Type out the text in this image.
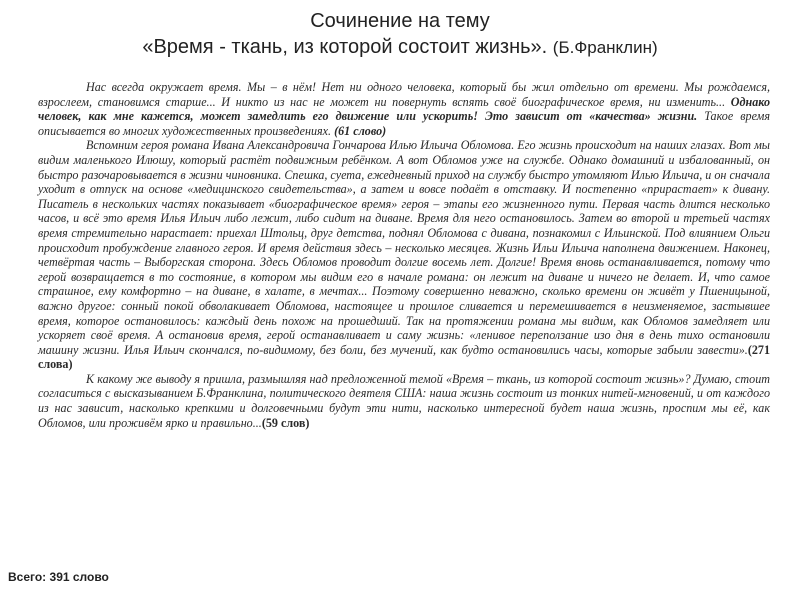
Сочинение на тему
«Время - ткань, из которой состоит жизнь». (Б.Франклин)

Нас всегда окружает время. Мы – в нём! Нет ни одного человека, который бы жил отдельно от времени. Мы рождаемся, взрослеем, становимся старше... И никто из нас не может ни повернуть вспять своё биографическое время, ни изменить... Однако человек, как мне кажется, может замедлить его движение или ускорить! Это зависит от «качества» жизни. Такое время описывается во многих художественных произведениях. (61 слово)

Вспомним героя романа Ивана Александровича Гончарова Илью Ильича Обломова. Его жизнь происходит на наших глазах. Вот мы видим маленького Илюшу, который растёт подвижным ребёнком. А вот Обломов уже на службе. Однако домашний и избалованный, он быстро разочаровывается в жизни чиновника. Спешка, суета, ежедневный приход на службу быстро утомляют Илью Ильича, и он сначала уходит в отпуск на основе «медицинского свидетельства», а затем и вовсе подаёт в отставку. И постепенно «прирастает» к дивану. Писатель в нескольких частях показывает «биографическое время» героя – этапы его жизненного пути. Первая часть длится несколько часов, и всё это время Илья Ильич либо лежит, либо сидит на диване. Время для него остановилось. Затем во второй и третьей частях время стремительно нарастает: приехал Штольц, друг детства, поднял Обломова с дивана, познакомил с Ильинской. Под влиянием Ольги происходит пробуждение главного героя. И время действия здесь – несколько месяцев. Жизнь Ильи Ильича наполнена движением. Наконец, четвёртая часть – Выборгская сторона. Здесь Обломов проводит долгие восемь лет. Долгие! Время вновь останавливается, потому что герой возвращается в то состояние, в котором мы видим его в начале романа: он лежит на диване и ничего не делает. И, что самое страшное, ему комфортно – на диване, в халате, в мечтах... Поэтому совершенно неважно, сколько времени он живёт у Пшеницыной, важно другое: сонный покой обволакивает Обломова, настоящее и прошлое сливается и перемешивается в неизменяемое, застывшее время, которое остановилось: каждый день похож на прошедший. Так на протяжении романа мы видим, как Обломов замедляет или ускоряет своё время. А остановив время, герой останавливает и саму жизнь: «ленивое переползание изо дня в день тихо остановили машину жизни. Илья Ильич скончался, по-видимому, без боли, без мучений, как будто остановились часы, которые забыли завести».(271 слова)

К какому же выводу я пришла, размышляя над предложенной темой «Время – ткань, из которой состоит жизнь»? Думаю, стоит согласиться с высказыванием Б.Франклина, политического деятеля США: наша жизнь состоит из тонких нитей-мгновений, и от каждого из нас зависит, насколько крепкими и долговечными будут эти нити, насколько интересной будет наша жизнь, проспим мы её, как Обломов, или проживём ярко и правильно...(59 слов)

Всего: 391 слово
